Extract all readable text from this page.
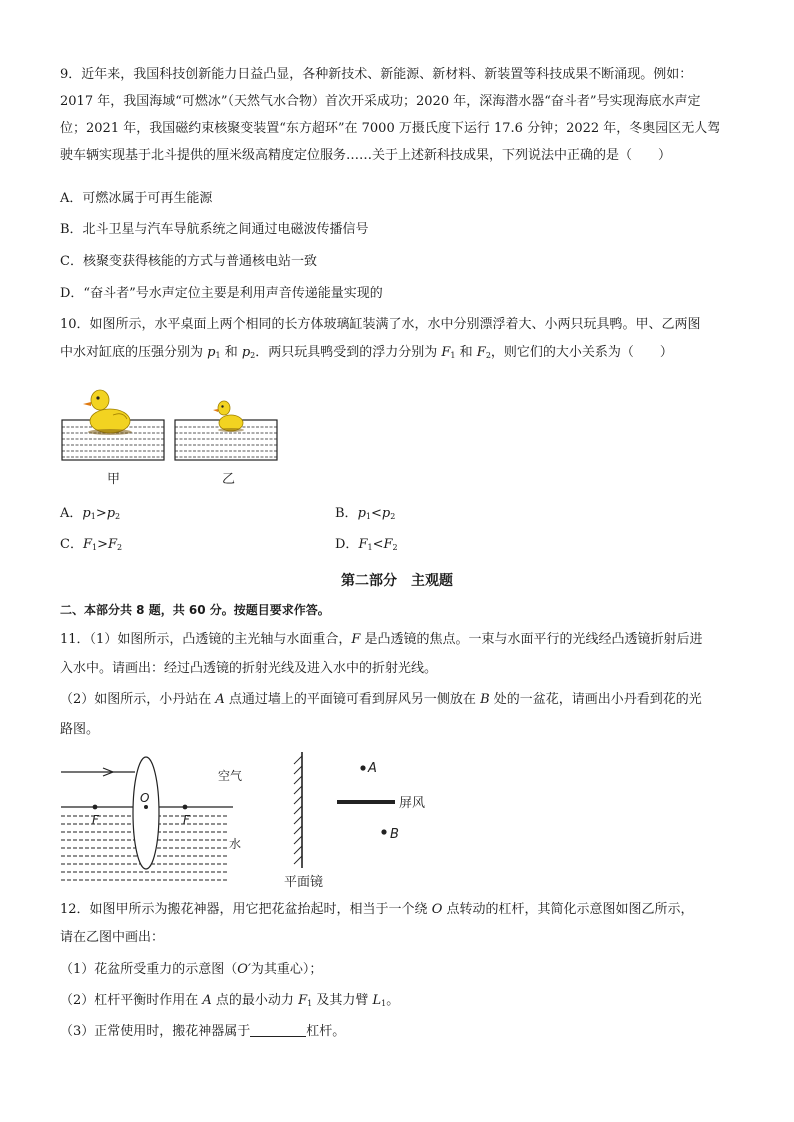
9．近年来，我国科技创新能力日益凸显，各种新技术、新能源、新材料、新装置等科技成果不断涌现。例如：
2017 年，我国海域“可燃冰”（天然气水合物）首次开采成功；2020 年，深海潜水器“奋斗者”号实现海底水声定
位；2021 年，我国磁约束核聚变装置“东方超环”在 7000 万摄氏度下运行 17.6 分钟；2022 年，冬奥园区无人驾
驶车辆实现基于北斗提供的厘米级高精度定位服务……关于上述新科技成果，下列说法中正确的是（　　）
A．可燃冰属于可再生能源
B．北斗卫星与汽车导航系统之间通过电磁波传播信号
C．核聚变获得核能的方式与普通核电站一致
D．“奋斗者”号水声定位主要是利用声音传递能量实现的
10．如图所示，水平桌面上两个相同的长方体玻璃缸装满了水，水中分别漂浮着大、小两只玩具鸭。甲、乙两图
中水对缸底的压强分别为 $p_1$ 和 $p_2$．两只玩具鸭受到的浮力分别为 $F_1$ 和 $F_2$，则它们的大小关系为（　　）
甲	乙
A．$p_1>p_2$	B．$p_1<p_2$
C．$F_1>F_2$	D．$F_1<F_2$
第二部分　主观题
二、本部分共 8 题，共 60 分。按题目要求作答。
11．（1）如图所示，凸透镜的主光轴与水面重合，F 是凸透镜的焦点。一束与水面平行的光线经凸透镜折射后进
入水中。请画出：经过凸透镜的折射光线及进入水中的折射光线。
（2）如图所示，小丹站在 A 点通过墙上的平面镜可看到屏风另一侧放在 B 处的一盆花，请画出小丹看到花的光
路图。
O
F	F
空气
水
屏风
A
B
平面镜
12．如图甲所示为搬花神器，用它把花盆抬起时，相当于一个绕 O 点转动的杠杆，其简化示意图如图乙所示，
请在乙图中画出：
（1）花盆所受重力的示意图（O′为其重心）；
（2）杠杆平衡时作用在 A 点的最小动力 $F_1$ 及其力臂 $L_1$。
（3）正常使用时，搬花神器属于	杠杆。
